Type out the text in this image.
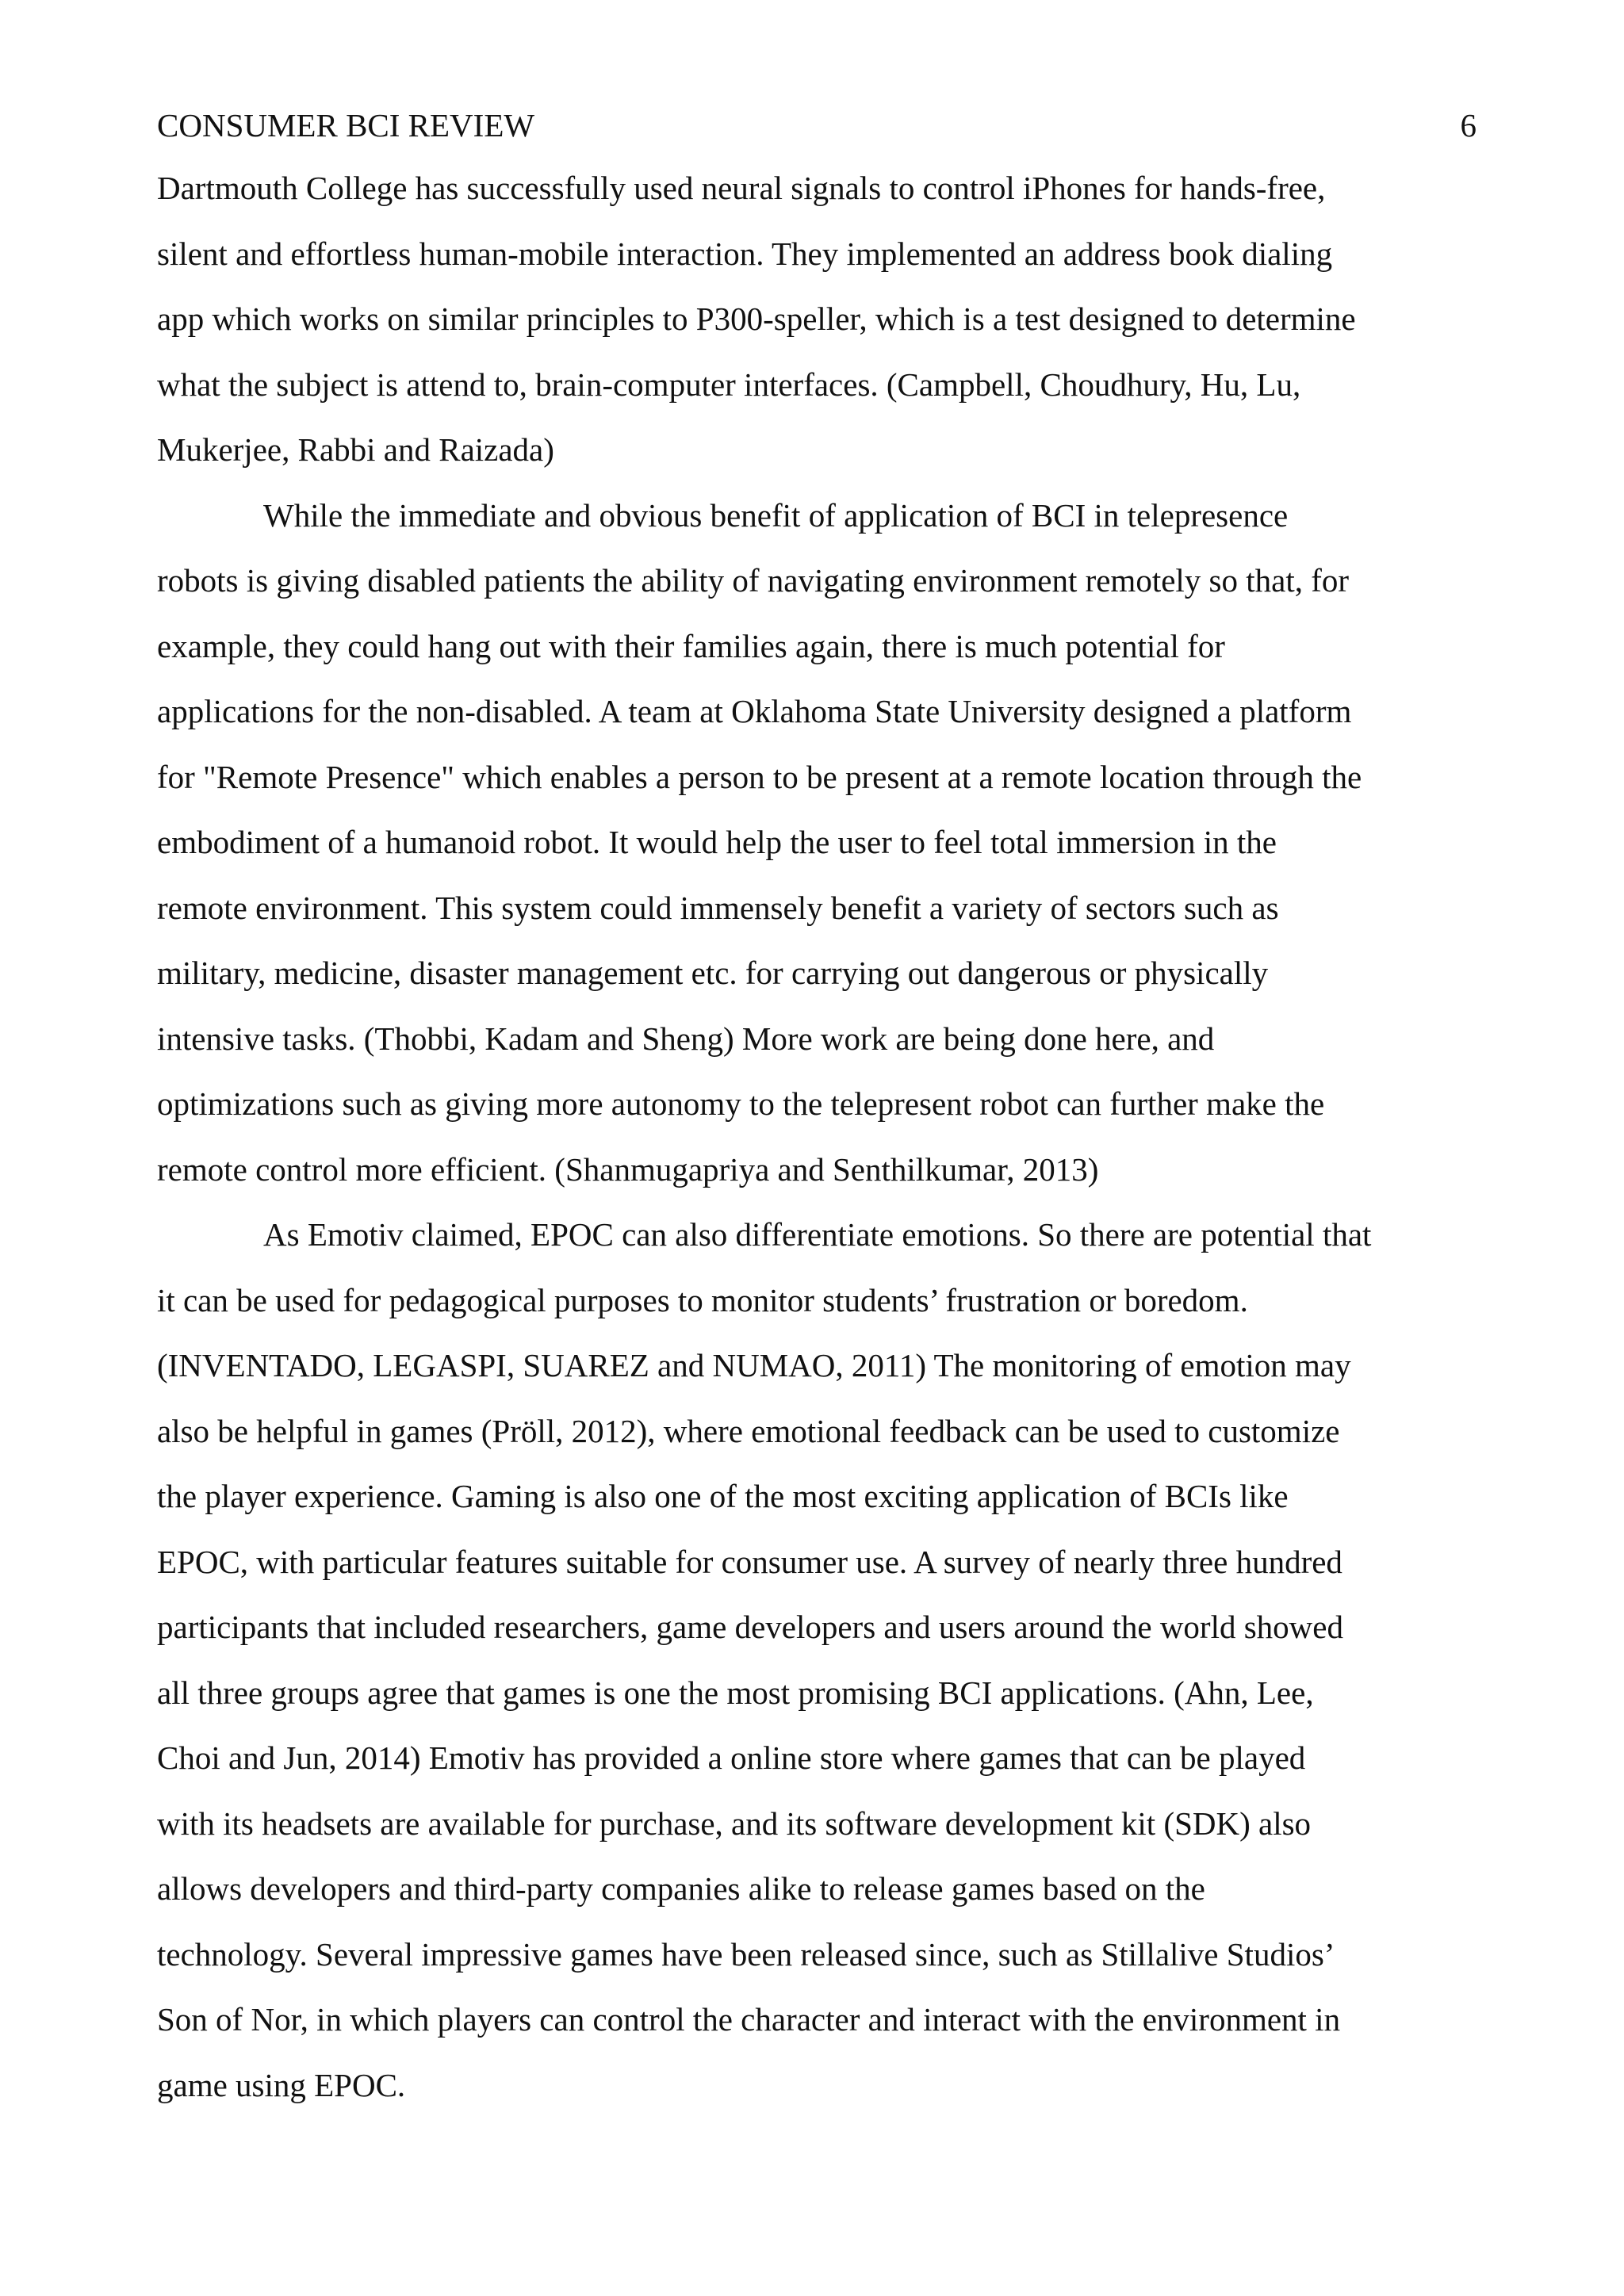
CONSUMER BCI REVIEW	6

Dartmouth College has successfully used neural signals to control iPhones for hands-free,
silent and effortless human-mobile interaction. They implemented an address book dialing
app which works on similar principles to P300-speller, which is a test designed to determine
what the subject is attend to, brain-computer interfaces. (Campbell, Choudhury, Hu, Lu,
Mukerjee, Rabbi and Raizada)

While the immediate and obvious benefit of application of BCI in telepresence
robots is giving disabled patients the ability of navigating environment remotely so that, for
example, they could hang out with their families again, there is much potential for
applications for the non-disabled. A team at Oklahoma State University designed a platform
for "Remote Presence" which enables a person to be present at a remote location through the
embodiment of a humanoid robot. It would help the user to feel total immersion in the
remote environment. This system could immensely benefit a variety of sectors such as
military, medicine, disaster management etc. for carrying out dangerous or physically
intensive tasks. (Thobbi, Kadam and Sheng) More work are being done here, and
optimizations such as giving more autonomy to the telepresent robot can further make the
remote control more efficient. (Shanmugapriya and Senthilkumar, 2013)

As Emotiv claimed, EPOC can also differentiate emotions. So there are potential that
it can be used for pedagogical purposes to monitor students’ frustration or boredom.
(INVENTADO, LEGASPI, SUAREZ and NUMAO, 2011) The monitoring of emotion may
also be helpful in games (Pröll, 2012), where emotional feedback can be used to customize
the player experience. Gaming is also one of the most exciting application of BCIs like
EPOC, with particular features suitable for consumer use. A survey of nearly three hundred
participants that included researchers, game developers and users around the world showed
all three groups agree that games is one the most promising BCI applications. (Ahn, Lee,
Choi and Jun, 2014) Emotiv has provided a online store where games that can be played
with its headsets are available for purchase, and its software development kit (SDK) also
allows developers and third-party companies alike to release games based on the
technology. Several impressive games have been released since, such as Stillalive Studios’
Son of Nor, in which players can control the character and interact with the environment in
game using EPOC.
